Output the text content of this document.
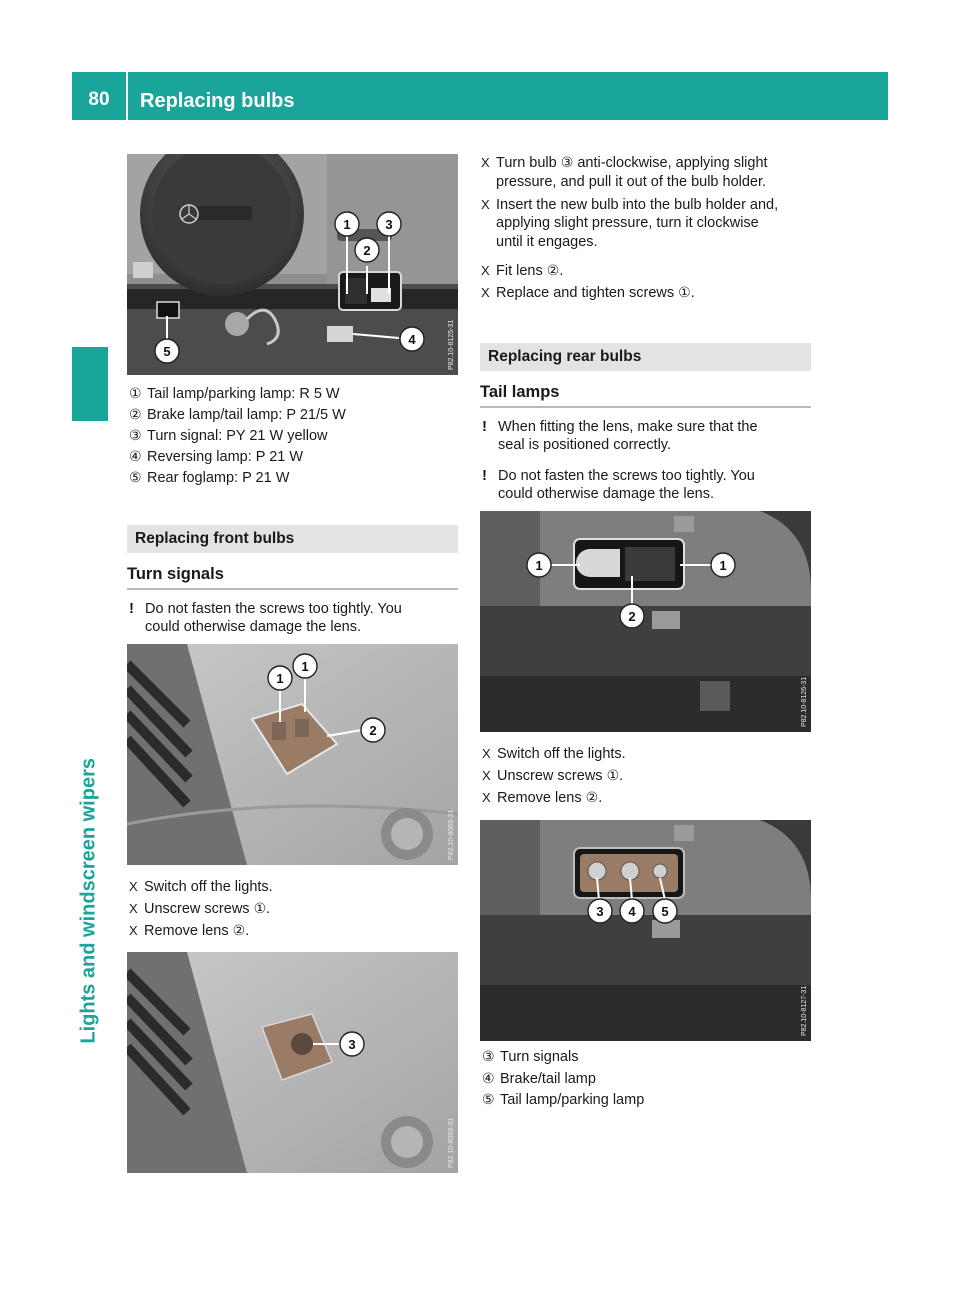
80	Replacing bulbs
Lights and windscreen wipers
1
2
3
4
5	P82.10-8125-31
① Tail lamp/parking lamp: R 5 W
② Brake lamp/tail lamp: P 21/5 W
③ Turn signal: PY 21 W yellow
④ Reversing lamp: P 21 W
⑤ Rear foglamp: P 21 W
Replacing front bulbs
Turn signals
! Do not fasten the screws too tightly. You
could otherwise damage the lens.
1
1
2
P82.10-8068-31
X Switch off the lights.
X Unscrew screws ①.
X Remove lens ②.
3
P82.10-8069-31
X Turn bulb ③ anti-clockwise, applying slight
pressure, and pull it out of the bulb holder.
X Insert the new bulb into the bulb holder and,
applying slight pressure, turn it clockwise
until it engages.
X Fit lens ②.
X Replace and tighten screws ①.
Replacing rear bulbs
Tail lamps
! When fitting the lens, make sure that the
seal is positioned correctly.
! Do not fasten the screws too tightly. You
could otherwise damage the lens.
1	1
2
P82.10-8126-31
X Switch off the lights.
X Unscrew screws ①.
X Remove lens ②.
3 4 5
P82.10-8127-31
③ Turn signals
④ Brake/tail lamp
⑤ Tail lamp/parking lamp
